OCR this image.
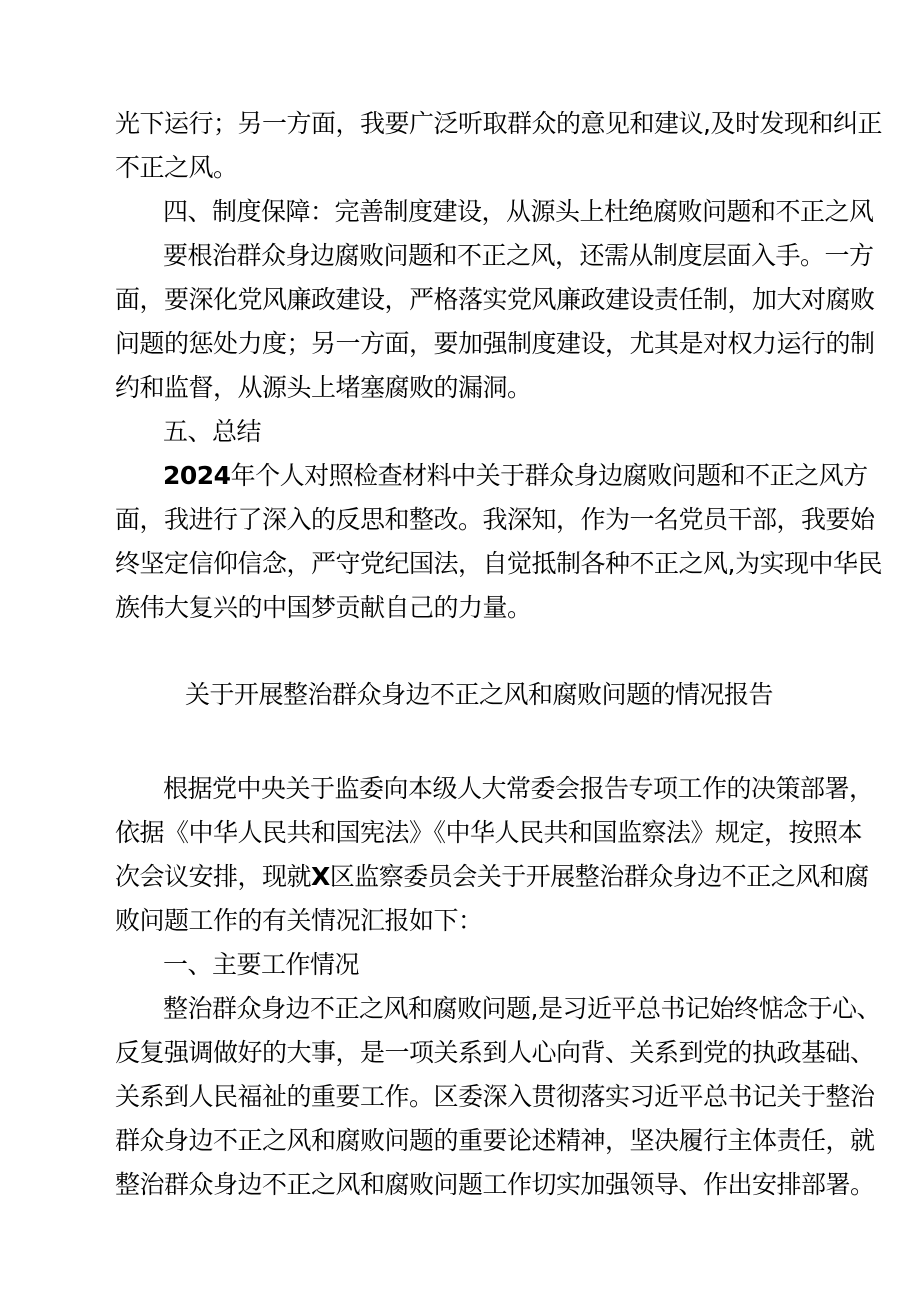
光下运行；另一方面，我要广泛听取群众的意见和建议,及时发现和纠正
不正之风。
四、制度保障：完善制度建设，从源头上杜绝腐败问题和不正之风
要根治群众身边腐败问题和不正之风，还需从制度层面入手。一方
面，要深化党风廉政建设，严格落实党风廉政建设责任制，加大对腐败
问题的惩处力度；另一方面，要加强制度建设，尤其是对权力运行的制
约和监督，从源头上堵塞腐败的漏洞。
五、总结
2024年个人对照检查材料中关于群众身边腐败问题和不正之风方
面，我进行了深入的反思和整改。我深知，作为一名党员干部，我要始
终坚定信仰信念，严守党纪国法，自觉抵制各种不正之风,为实现中华民
族伟大复兴的中国梦贡献自己的力量。
关于开展整治群众身边不正之风和腐败问题的情况报告
根据党中央关于监委向本级人大常委会报告专项工作的决策部署，
依据《中华人民共和国宪法》《中华人民共和国监察法》规定，按照本
次会议安排，现就X区监察委员会关于开展整治群众身边不正之风和腐
败问题工作的有关情况汇报如下：
一、主要工作情况
整治群众身边不正之风和腐败问题,是习近平总书记始终惦念于心、
反复强调做好的大事，是一项关系到人心向背、关系到党的执政基础、
关系到人民福祉的重要工作。区委深入贯彻落实习近平总书记关于整治
群众身边不正之风和腐败问题的重要论述精神，坚决履行主体责任，就
整治群众身边不正之风和腐败问题工作切实加强领导、作出安排部署。
